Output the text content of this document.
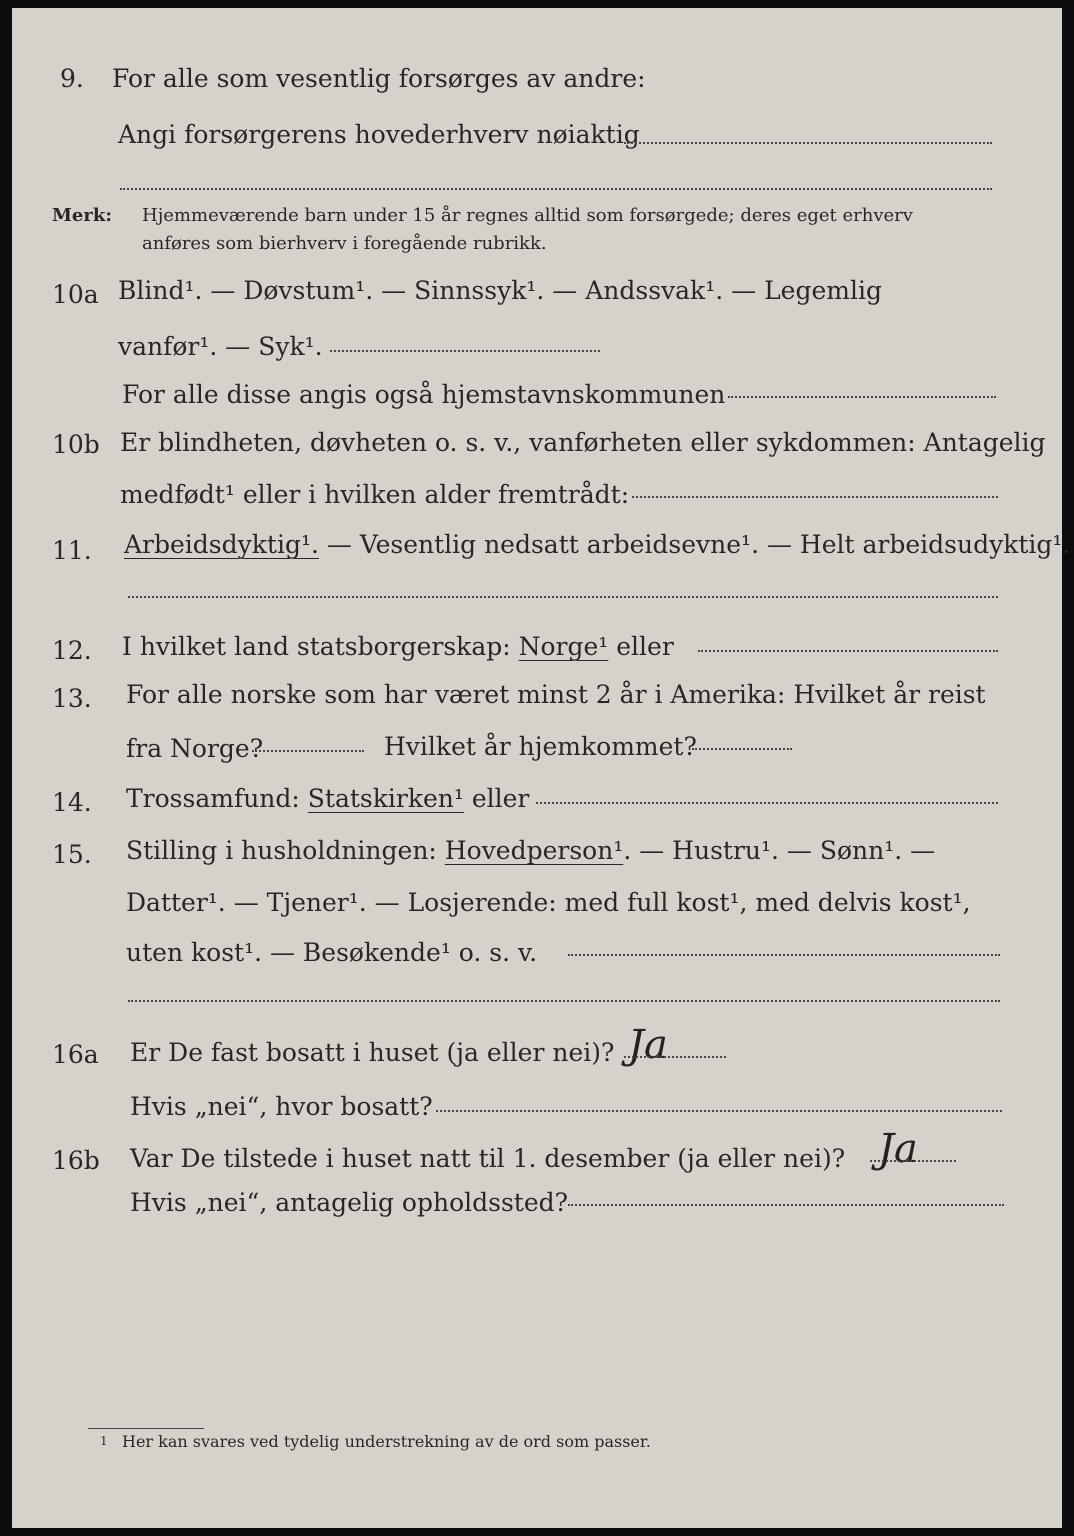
9. For alle som vesentlig forsørges av andre:
Angi forsørgerens hovederhverv nøiaktig
Merk: Hjemmeværende barn under 15 år regnes alltid som forsørgede; deres eget erhverv
anføres som bierhverv i foregående rubrikk.
10a Blind¹. — Døvstum¹. — Sinnssyk¹. — Andssvak¹. — Legemlig
vanfør¹. — Syk¹.
For alle disse angis også hjemstavnskommunen
10b Er blindheten, døvheten o. s. v., vanførheten eller sykdommen: Antagelig
medfødt¹ eller i hvilken alder fremtrådt:
11. Arbeidsdyktig¹. — Vesentlig nedsatt arbeidsevne¹. — Helt arbeidsudyktig¹.
12. I hvilket land statsborgerskap: Norge¹ eller
13. For alle norske som har været minst 2 år i Amerika: Hvilket år reist
fra Norge?	Hvilket år hjemkommet?
14. Trossamfund: Statskirken¹ eller
15. Stilling i husholdningen: Hovedperson¹. — Hustru¹. — Sønn¹. —
Datter¹. — Tjener¹. — Losjerende: med full kost¹, med delvis kost¹,
uten kost¹. — Besøkende¹ o. s. v.
16a Er De fast bosatt i huset (ja eller nei)? Ja
Hvis „nei“, hvor bosatt?
16b Var De tilstede i huset natt til 1. desember (ja eller nei)? Ja
Hvis „nei“, antagelig opholdssted?
1 Her kan svares ved tydelig understrekning av de ord som passer.
